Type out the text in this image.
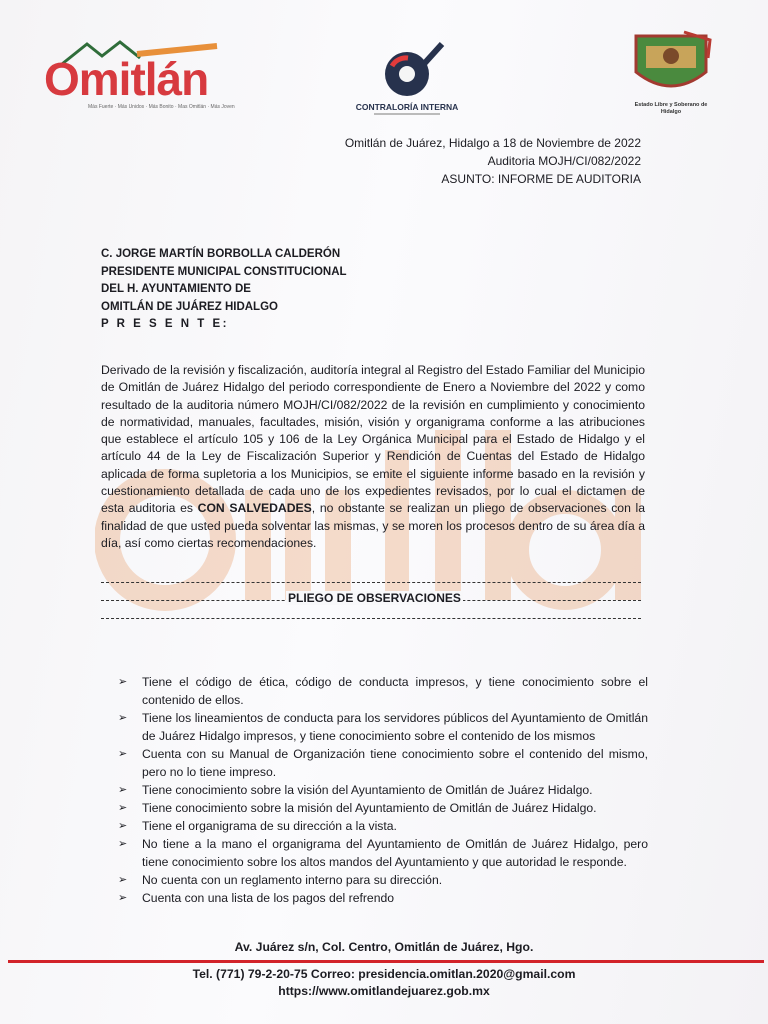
Omitlán
Más Fuerte · Más Unidos · Más Bonito · Mas Omitlán · Más Joven	CONTRALORÍA INTERNA	Estado Libre y Soberano de Hidalgo
Omitlán de Juárez, Hidalgo a 18 de Noviembre de 2022
Auditoria MOJH/CI/082/2022
ASUNTO: INFORME DE AUDITORIA
C. JORGE MARTÍN BORBOLLA CALDERÓN
PRESIDENTE MUNICIPAL CONSTITUCIONAL
DEL H. AYUNTAMIENTO DE
OMITLÁN DE JUÁREZ HIDALGO
P R E S E N T E:
Derivado de la revisión y fiscalización, auditoría integral al Registro del Estado Familiar del Municipio de Omitlán de Juárez Hidalgo del periodo correspondiente de Enero a Noviembre del 2022 y como resultado de la auditoria número MOJH/CI/082/2022 de la revisión en cumplimiento y conocimiento de normatividad, manuales, facultades, misión, visión y organigrama conforme a las atribuciones que establece el artículo 105 y 106 de la Ley Orgánica Municipal para el Estado de Hidalgo y el artículo 44 de la Ley de Fiscalización Superior y Rendición de Cuentas del Estado de Hidalgo aplicada de forma supletoria a los Municipios, se emite el siguiente informe basado en la revisión y cuestionamiento detallada de cada uno de los expedientes revisados, por lo cual el dictamen de esta auditoria es CON SALVEDADES, no obstante se realizan un pliego de observaciones con la finalidad de que usted pueda solventar las mismas, y se moren los procesos dentro de su área día a día, así como ciertas recomendaciones.
PLIEGO DE OBSERVACIONES
➢ Tiene el código de ética, código de conducta impresos, y tiene conocimiento sobre el contenido de ellos.
➢ Tiene los lineamientos de conducta para los servidores públicos del Ayuntamiento de Omitlán de Juárez Hidalgo impresos, y tiene conocimiento sobre el contenido de los mismos
➢ Cuenta con su Manual de Organización tiene conocimiento sobre el contenido del mismo, pero no lo tiene impreso.
➢ Tiene conocimiento sobre la visión del Ayuntamiento de Omitlán de Juárez Hidalgo.
➢ Tiene conocimiento sobre la misión del Ayuntamiento de Omitlán de Juárez Hidalgo.
➢ Tiene el organigrama de su dirección a la vista.
➢ No tiene a la mano el organigrama del Ayuntamiento de Omitlán de Juárez Hidalgo, pero tiene conocimiento sobre los altos mandos del Ayuntamiento y que autoridad le responde.
➢ No cuenta con un reglamento interno para su dirección.
➢ Cuenta con una lista de los pagos del refrendo
Av. Juárez s/n, Col. Centro, Omitlán de Juárez, Hgo.
Tel. (771) 79-2-20-75 Correo: presidencia.omitlan.2020@gmail.com
https://www.omitlandejuarez.gob.mx
